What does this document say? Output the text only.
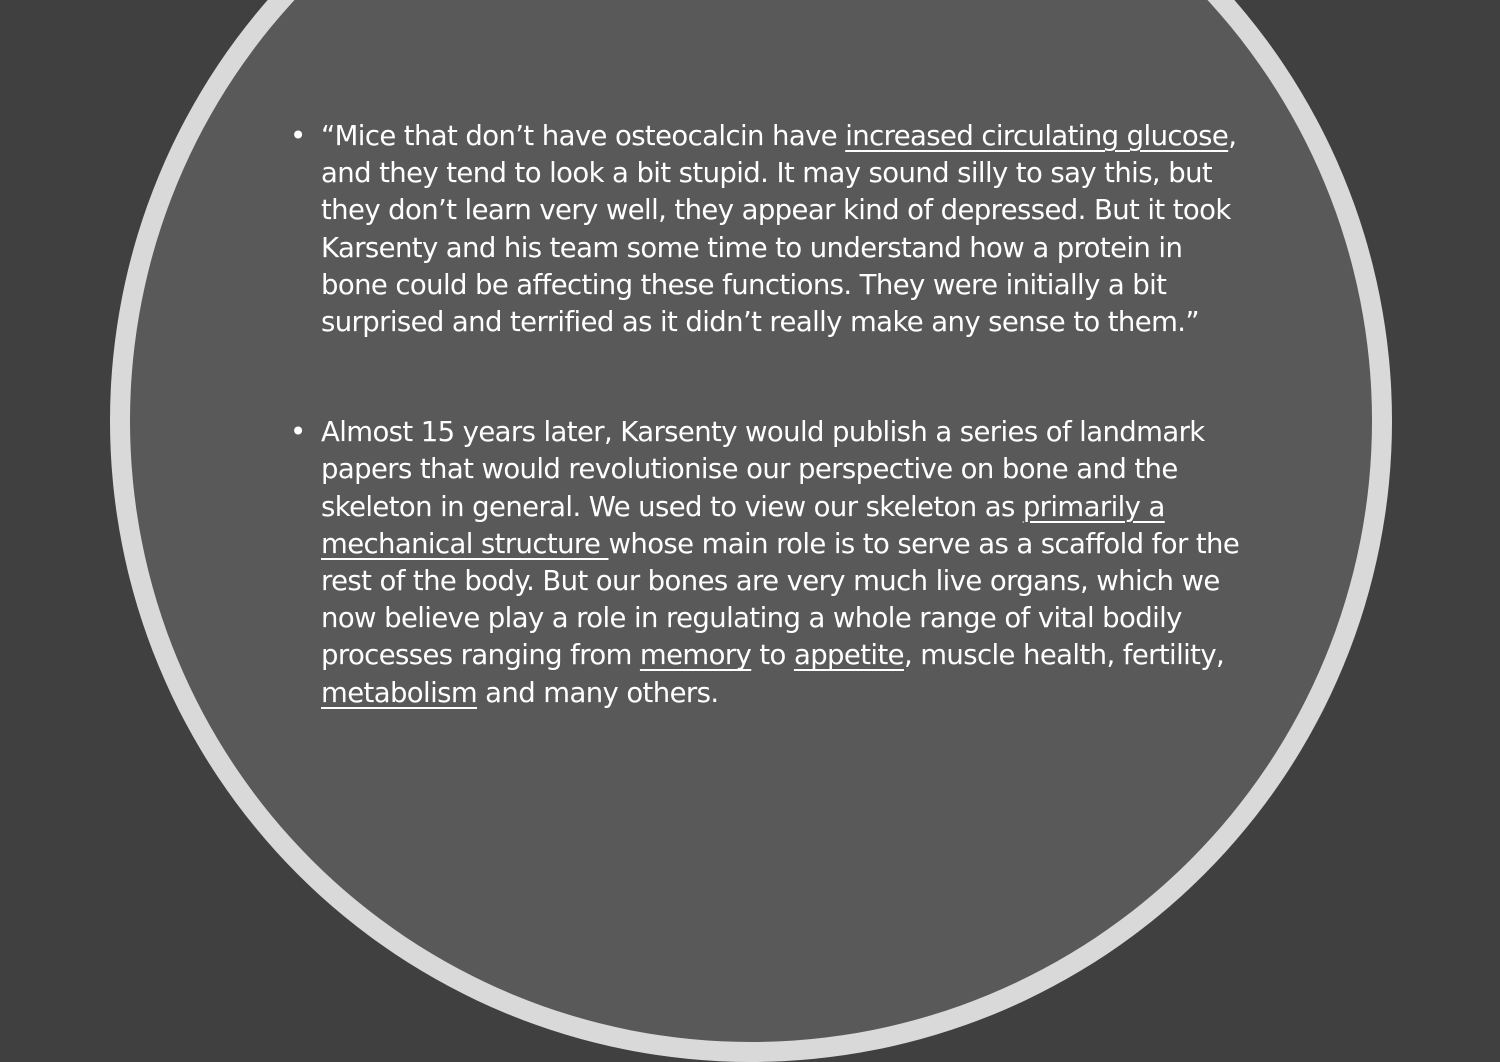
• “Mice that don’t have osteocalcin have increased circulating glucose, and they tend to look a bit stupid. It may sound silly to say this, but they don’t learn very well, they appear kind of depressed. But it took Karsenty and his team some time to understand how a protein in bone could be affecting these functions. They were initially a bit surprised and terrified as it didn’t really make any sense to them.”
• Almost 15 years later, Karsenty would publish a series of landmark papers that would revolutionise our perspective on bone and the skeleton in general. We used to view our skeleton as primarily a mechanical structure whose main role is to serve as a scaffold for the rest of the body. But our bones are very much live organs, which we now believe play a role in regulating a whole range of vital bodily processes ranging from memory to appetite, muscle health, fertility, metabolism and many others.
